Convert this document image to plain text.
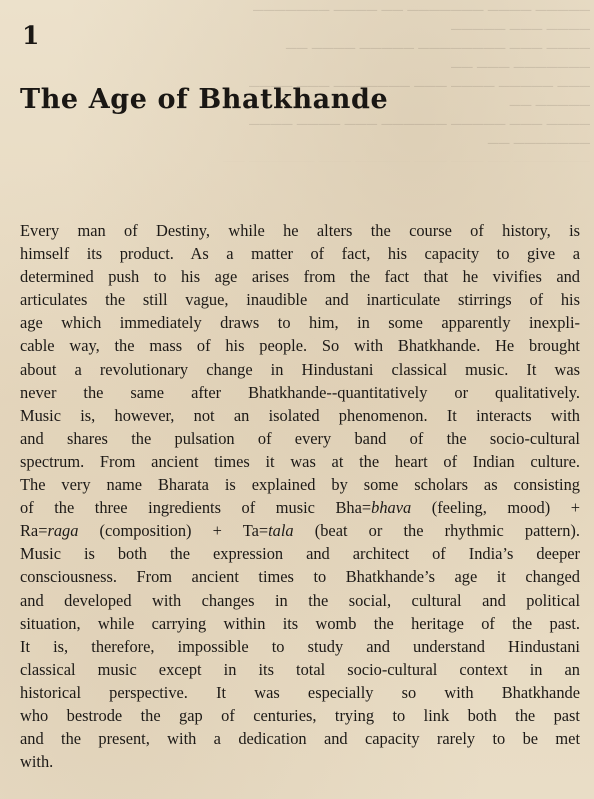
───── ──── ─────── ── ──── ─────── ──── ─── ─────
──── ─── ──────── ───── ──── ── ─────── ─── ──
─── ───── ──── ─── ─────── ─── ──── ───── ──
──── ─── ───── ────── ─── ──── ──── ─────── ──

1
The Age of Bhatkhande
Every man of Destiny, while he alters the course of history, is
himself its product. As a matter of fact, his capacity to give a
determined push to his age arises from the fact that he vivifies and
articulates the still vague, inaudible and inarticulate stirrings of his
age which immediately draws to him, in some apparently inexpli-
cable way, the mass of his people. So with Bhatkhande. He brought
about a revolutionary change in Hindustani classical music. It was
never the same after Bhatkhande--quantitatively or qualitatively.
Music is, however, not an isolated phenomenon. It interacts with
and shares the pulsation of every band of the socio-cultural
spectrum. From ancient times it was at the heart of Indian culture.
The very name Bharata is explained by some scholars as consisting
of the three ingredients of music Bha=bhava (feeling, mood) +
Ra=raga (composition) + Ta=tala (beat or the rhythmic pattern).
Music is both the expression and architect of India’s deeper
consciousness. From ancient times to Bhatkhande’s age it changed
and developed with changes in the social, cultural and political
situation, while carrying within its womb the heritage of the past.
It is, therefore, impossible to study and understand Hindustani
classical music except in its total socio-cultural context in an
historical perspective. It was especially so with Bhatkhande
who bestrode the gap of centuries, trying to link both the past
and the present, with a dedication and capacity rarely to be met
with.
